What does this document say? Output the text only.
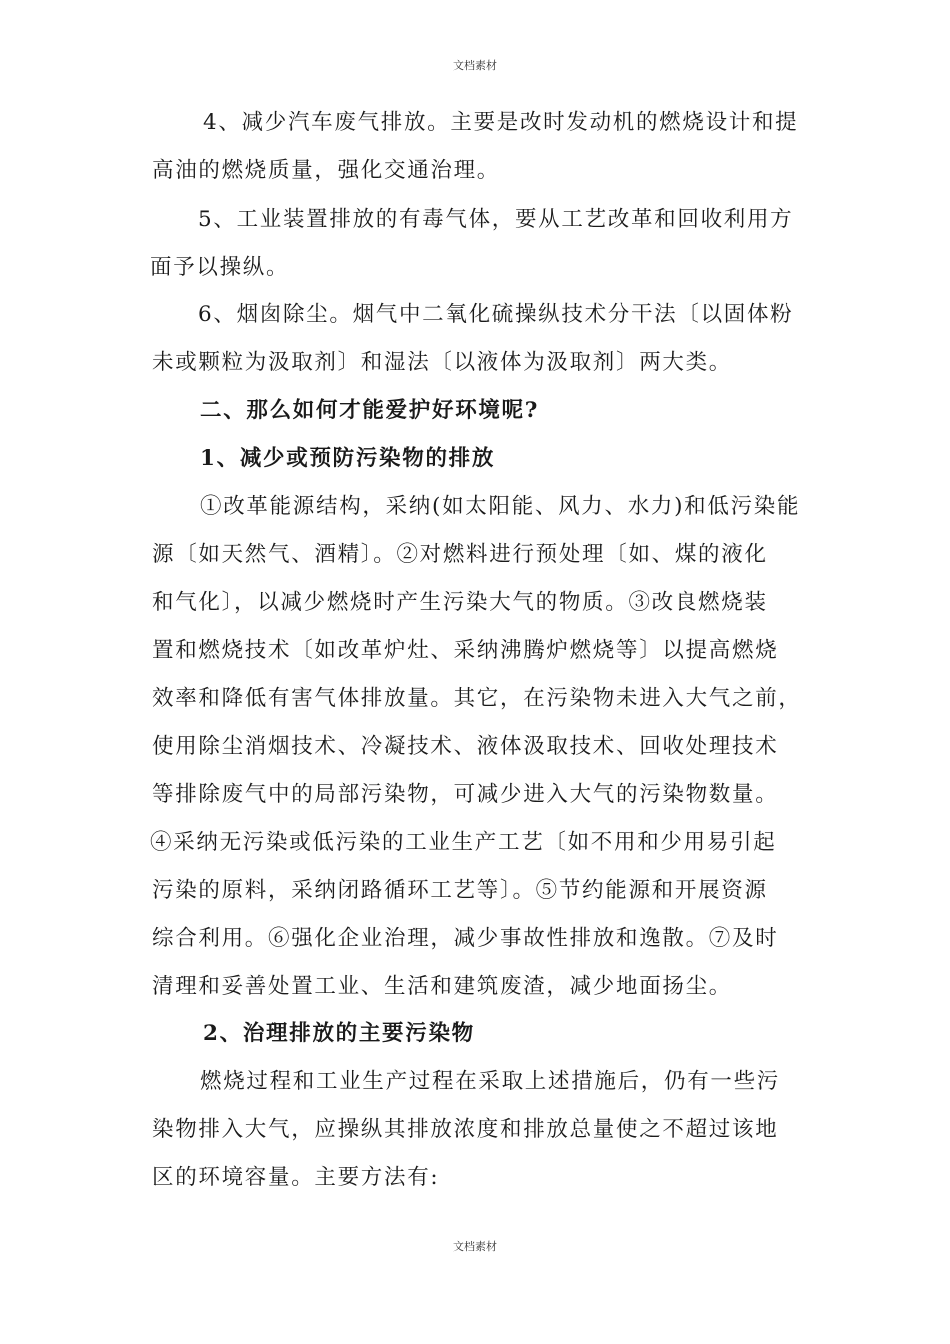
文档素材
4、减少汽车废气排放。主要是改时发动机的燃烧设计和提
高油的燃烧质量，强化交通治理。
5、工业装置排放的有毒气体，要从工艺改革和回收利用方
面予以操纵。
6、烟囱除尘。烟气中二氧化硫操纵技术分干法〔以固体粉
未或颗粒为汲取剂〕和湿法〔以液体为汲取剂〕两大类。
二、那么如何才能爱护好环境呢?
1、减少或预防污染物的排放
①改革能源结构，采纳(如太阳能、风力、水力)和低污染能
源〔如天然气、酒精〕。②对燃料进行预处理〔如、煤的液化
和气化〕，以减少燃烧时产生污染大气的物质。③改良燃烧装
置和燃烧技术〔如改革炉灶、采纳沸腾炉燃烧等〕以提高燃烧
效率和降低有害气体排放量。其它，在污染物未进入大气之前，
使用除尘消烟技术、冷凝技术、液体汲取技术、回收处理技术
等排除废气中的局部污染物，可减少进入大气的污染物数量。
④采纳无污染或低污染的工业生产工艺〔如不用和少用易引起
污染的原料，采纳闭路循环工艺等〕。⑤节约能源和开展资源
综合利用。⑥强化企业治理，减少事故性排放和逸散。⑦及时
清理和妥善处置工业、生活和建筑废渣，减少地面扬尘。
2、治理排放的主要污染物
燃烧过程和工业生产过程在采取上述措施后，仍有一些污
染物排入大气，应操纵其排放浓度和排放总量使之不超过该地
区的环境容量。主要方法有:
文档素材
